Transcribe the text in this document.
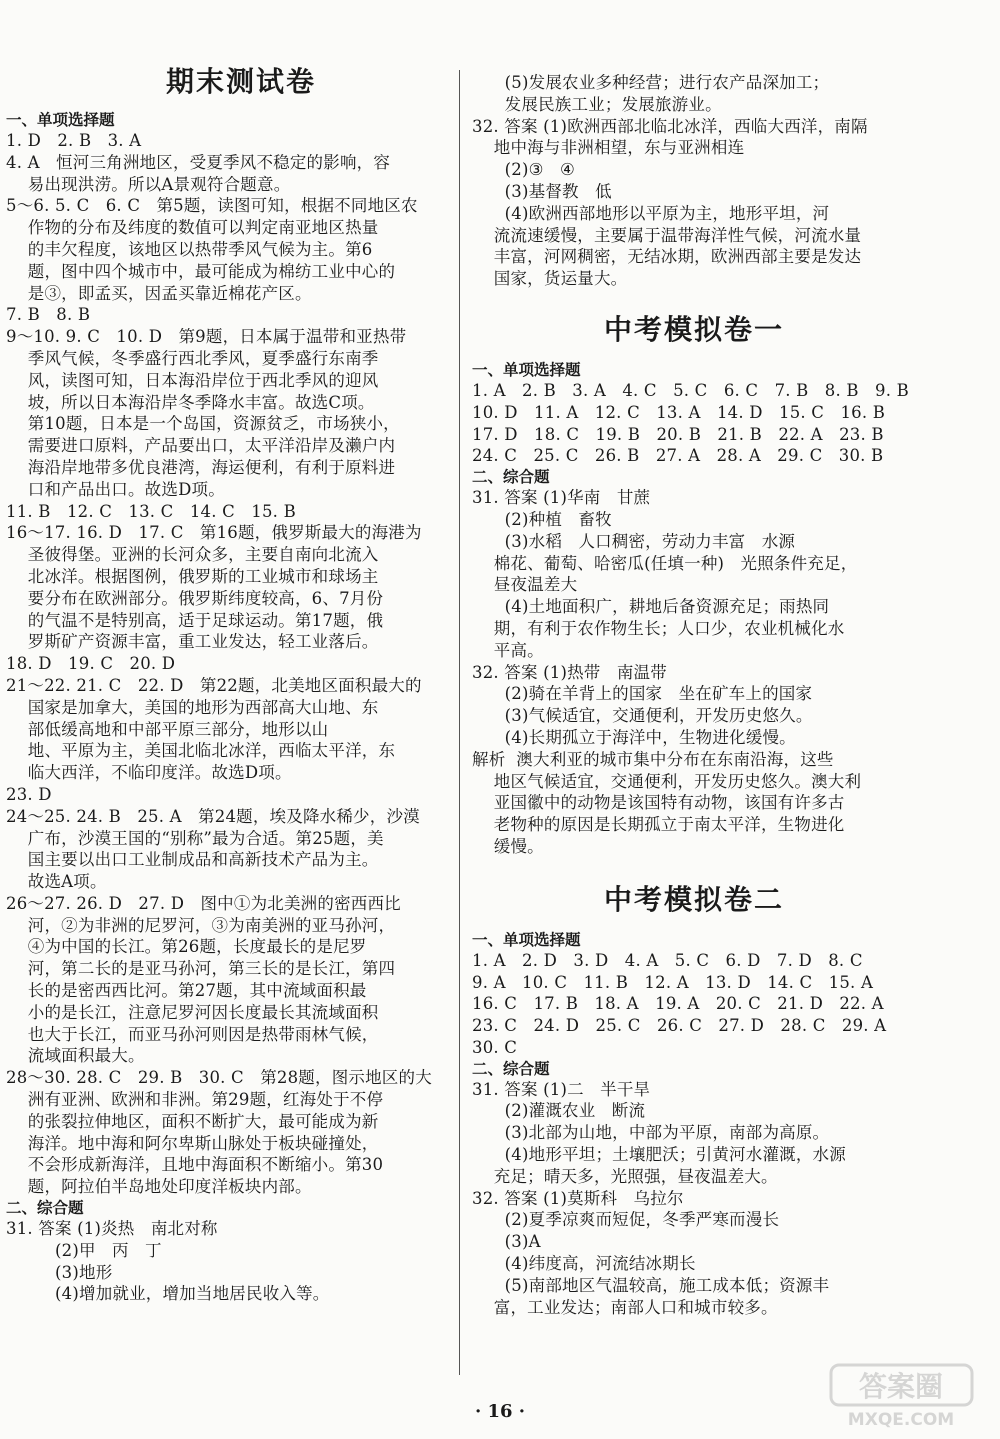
期末测试卷

一、单项选择题

1. D   2. B   3. A

4. A   恒河三角洲地区，受夏季风不稳定的影响，容

易出现洪涝。所以A景观符合题意。

5～6. 5. C   6. C   第5题，读图可知，根据不同地区农

作物的分布及纬度的数值可以判定南亚地区热量

的丰欠程度，该地区以热带季风气候为主。第6

题，图中四个城市中，最可能成为棉纺工业中心的

是③，即孟买，因孟买靠近棉花产区。

7. B   8. B

9～10. 9. C   10. D   第9题，日本属于温带和亚热带

季风气候，冬季盛行西北季风，夏季盛行东南季

风，读图可知，日本海沿岸位于西北季风的迎风

坡，所以日本海沿岸冬季降水丰富。故选C项。

第10题，日本是一个岛国，资源贫乏，市场狭小，

需要进口原料，产品要出口，太平洋沿岸及濑户内

海沿岸地带多优良港湾，海运便利，有利于原料进

口和产品出口。故选D项。

11. B   12. C   13. C   14. C   15. B

16～17. 16. D   17. C   第16题，俄罗斯最大的海港为

圣彼得堡。亚洲的长河众多，主要自南向北流入

北冰洋。根据图例，俄罗斯的工业城市和球场主

要分布在欧洲部分。俄罗斯纬度较高，6、7月份

的气温不是特别高，适于足球运动。第17题，俄

罗斯矿产资源丰富，重工业发达，轻工业落后。

18. D   19. C   20. D

21～22. 21. C   22. D   第22题，北美地区面积最大的

国家是加拿大，美国的地形为西部高大山地、东

部低缓高地和中部平原三部分，地形以山

地、平原为主，美国北临北冰洋，西临太平洋，东

临大西洋，不临印度洋。故选D项。

23. D

24～25. 24. B   25. A   第24题，埃及降水稀少，沙漠

广布，沙漠王国的“别称”最为合适。第25题，美

国主要以出口工业制成品和高新技术产品为主。

故选A项。

26～27. 26. D   27. D   图中①为北美洲的密西西比

河，②为非洲的尼罗河，③为南美洲的亚马孙河，

④为中国的长江。第26题，长度最长的是尼罗

河，第二长的是亚马孙河，第三长的是长江，第四

长的是密西西比河。第27题，其中流域面积最

小的是长江，注意尼罗河因长度最长其流域面积

也大于长江，而亚马孙河则因是热带雨林气候，

流域面积最大。

28～30. 28. C   29. B   30. C   第28题，图示地区的大

洲有亚洲、欧洲和非洲。第29题，红海处于不停

的张裂拉伸地区，面积不断扩大，最可能成为新

海洋。地中海和阿尔卑斯山脉处于板块碰撞处，

不会形成新海洋，且地中海面积不断缩小。第30

题，阿拉伯半岛地处印度洋板块内部。

二、综合题

31. 答案 (1)炎热   南北对称

(2)甲   丙   丁

(3)地形

(4)增加就业，增加当地居民收入等。

(5)发展农业多种经营；进行农产品深加工；

发展民族工业；发展旅游业。

32. 答案 (1)欧洲西部北临北冰洋，西临大西洋，南隔

地中海与非洲相望，东与亚洲相连

(2)③   ④

(3)基督教   低

(4)欧洲西部地形以平原为主，地形平坦，河

流流速缓慢，主要属于温带海洋性气候，河流水量

丰富，河网稠密，无结冰期，欧洲西部主要是发达

国家，货运量大。

中考模拟卷一

一、单项选择题

1. A   2. B   3. A   4. C   5. C   6. C   7. B   8. B   9. B

10. D   11. A   12. C   13. A   14. D   15. C   16. B

17. D   18. C   19. B   20. B   21. B   22. A   23. B

24. C   25. C   26. B   27. A   28. A   29. C   30. B

二、综合题

31. 答案 (1)华南   甘蔗

(2)种植   畜牧

(3)水稻   人口稠密，劳动力丰富   水源

棉花、葡萄、哈密瓜(任填一种)   光照条件充足，

昼夜温差大

(4)土地面积广，耕地后备资源充足；雨热同

期，有利于农作物生长；人口少，农业机械化水

平高。

32. 答案 (1)热带   南温带

(2)骑在羊背上的国家   坐在矿车上的国家

(3)气候适宜，交通便利，开发历史悠久。

(4)长期孤立于海洋中，生物进化缓慢。

解析  澳大利亚的城市集中分布在东南沿海，这些

地区气候适宜，交通便利，开发历史悠久。澳大利

亚国徽中的动物是该国特有动物，该国有许多古

老物种的原因是长期孤立于南太平洋，生物进化

缓慢。

中考模拟卷二

一、单项选择题

1. A   2. D   3. D   4. A   5. C   6. D   7. D   8. C

9. A   10. C   11. B   12. A   13. D   14. C   15. A

16. C   17. B   18. A   19. A   20. C   21. D   22. A

23. C   24. D   25. C   26. C   27. D   28. C   29. A

30. C

二、综合题

31. 答案 (1)二   半干旱

(2)灌溉农业   断流

(3)北部为山地，中部为平原，南部为高原。

(4)地形平坦；土壤肥沃；引黄河水灌溉，水源

充足；晴天多，光照强，昼夜温差大。

32. 答案 (1)莫斯科   乌拉尔

(2)夏季凉爽而短促，冬季严寒而漫长

(3)A

(4)纬度高，河流结冰期长

(5)南部地区气温较高，施工成本低；资源丰

富，工业发达；南部人口和城市较多。

· 16 ·
答案圈
MXQE.COM
